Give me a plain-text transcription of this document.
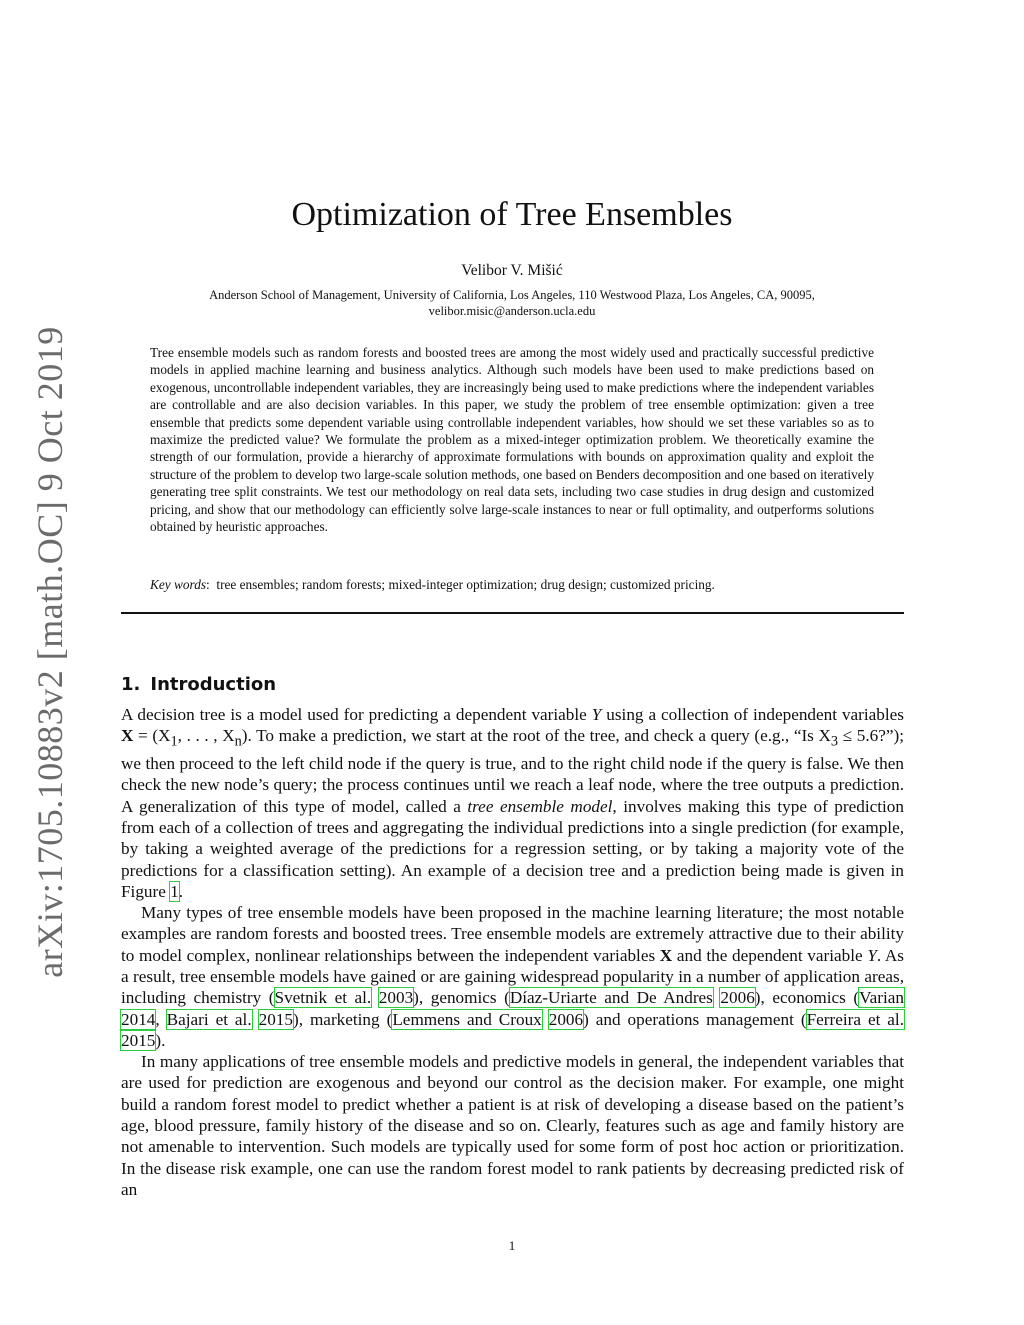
arXiv:1705.10883v2 [math.OC] 9 Oct 2019
Optimization of Tree Ensembles
Velibor V. Mišić
Anderson School of Management, University of California, Los Angeles, 110 Westwood Plaza, Los Angeles, CA, 90095,
velibor.misic@anderson.ucla.edu
Tree ensemble models such as random forests and boosted trees are among the most widely used and practically successful predictive models in applied machine learning and business analytics. Although such models have been used to make predictions based on exogenous, uncontrollable independent variables, they are increasingly being used to make predictions where the independent variables are controllable and are also decision variables. In this paper, we study the problem of tree ensemble optimization: given a tree ensemble that predicts some dependent variable using controllable independent variables, how should we set these variables so as to maximize the predicted value? We formulate the problem as a mixed-integer optimization problem. We theoretically examine the strength of our formulation, provide a hierarchy of approximate formulations with bounds on approximation quality and exploit the structure of the problem to develop two large-scale solution methods, one based on Benders decomposition and one based on iteratively generating tree split constraints. We test our methodology on real data sets, including two case studies in drug design and customized pricing, and show that our methodology can efficiently solve large-scale instances to near or full optimality, and outperforms solutions obtained by heuristic approaches.
Key words:  tree ensembles; random forests; mixed-integer optimization; drug design; customized pricing.
1. Introduction

A decision tree is a model used for predicting a dependent variable Y using a collection of independent variables $X = (X_1$, . . . , $X_n$). To make a prediction, we start at the root of the tree, and check a query (e.g., “Is $X_3$ ≤ 5.6?”); we then proceed to the left child node if the query is true, and to the right child node if the query is false. We then check the new node’s query; the process continues until we reach a leaf node, where the tree outputs a prediction. A generalization of this type of model, called a tree ensemble model, involves making this type of prediction from each of a collection of trees and aggregating the individual predictions into a single prediction (for example, by taking a weighted average of the predictions for a regression setting, or by taking a majority vote of the predictions for a classification setting). An example of a decision tree and a prediction being made is given in Figure 1.

Many types of tree ensemble models have been proposed in the machine learning literature; the most notable examples are random forests and boosted trees. Tree ensemble models are extremely attractive due to their ability to model complex, nonlinear relationships between the independent variables X and the dependent variable Y. As a result, tree ensemble models have gained or are gaining widespread popularity in a number of application areas, including chemistry (Svetnik et al. 2003), genomics (Díaz-Uriarte and De Andres 2006), economics (Varian 2014, Bajari et al. 2015), marketing (Lemmens and Croux 2006) and operations management (Ferreira et al. 2015).

In many applications of tree ensemble models and predictive models in general, the independent variables that are used for prediction are exogenous and beyond our control as the decision maker. For example, one might build a random forest model to predict whether a patient is at risk of developing a disease based on the patient’s age, blood pressure, family history of the disease and so on. Clearly, features such as age and family history are not amenable to intervention. Such models are typically used for some form of post hoc action or prioritization. In the disease risk example, one can use the random forest model to rank patients by decreasing predicted risk of an

1
